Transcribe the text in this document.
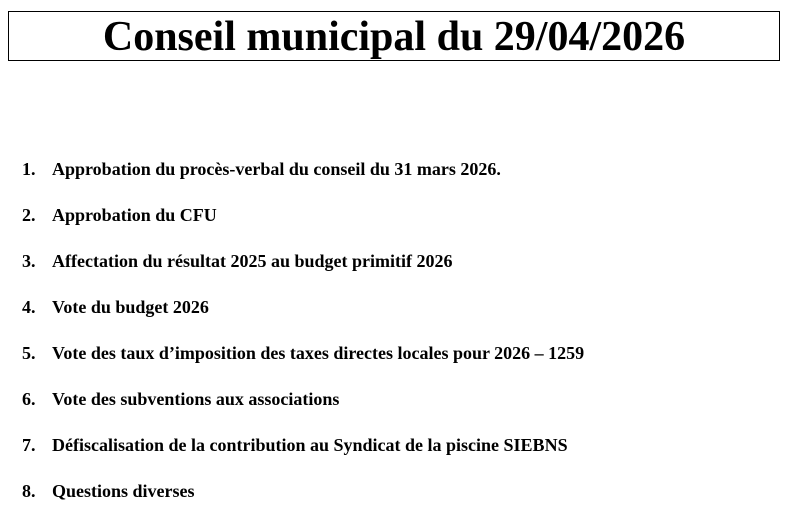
Conseil municipal du 29/04/2026
1. Approbation du procès-verbal du conseil du 31 mars 2026.
2. Approbation du CFU
3. Affectation du résultat 2025 au budget primitif 2026
4. Vote du budget 2026
5. Vote des taux d’imposition des taxes directes locales pour 2026 – 1259
6. Vote des subventions aux associations
7. Défiscalisation de la contribution au Syndicat de la piscine SIEBNS
8. Questions diverses
